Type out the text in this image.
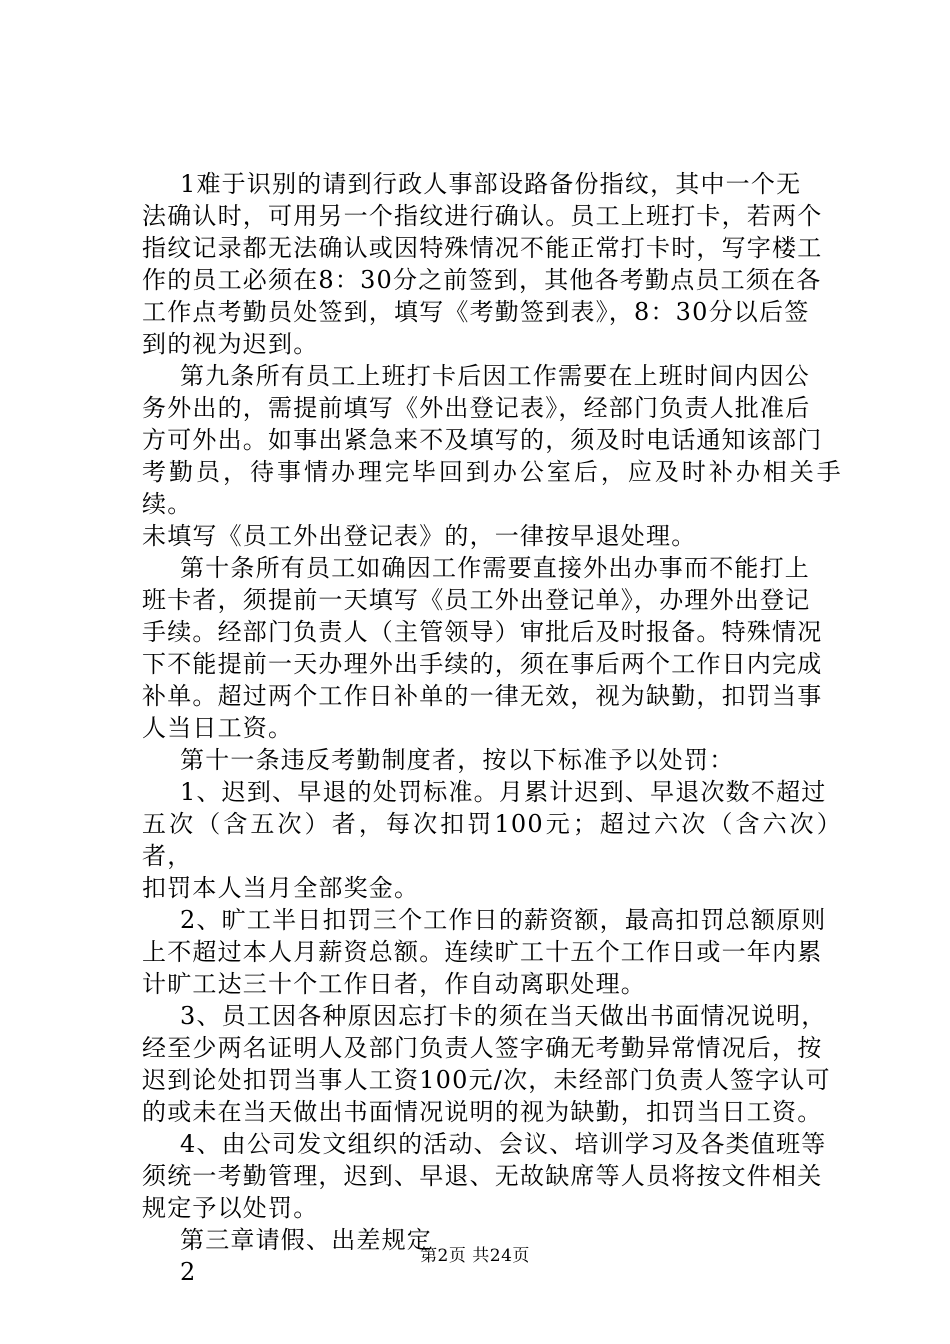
1难于识别的请到行政人事部设路备份指纹，其中一个无
法确认时，可用另一个指纹进行确认。员工上班打卡，若两个
指纹记录都无法确认或因特殊情况不能正常打卡时，写字楼工
作的员工必须在8：30分之前签到，其他各考勤点员工须在各
工作点考勤员处签到，填写《考勤签到表》，8：30分以后签
到的视为迟到。

第九条所有员工上班打卡后因工作需要在上班时间内因公
务外出的，需提前填写《外出登记表》，经部门负责人批准后
方可外出。如事出紧急来不及填写的，须及时电话通知该部门
考勤员，待事情办理完毕回到办公室后，应及时补办相关手续。
未填写《员工外出登记表》的，一律按早退处理。

第十条所有员工如确因工作需要直接外出办事而不能打上
班卡者，须提前一天填写《员工外出登记单》，办理外出登记
手续。经部门负责人（主管领导）审批后及时报备。特殊情况
下不能提前一天办理外出手续的，须在事后两个工作日内完成
补单。超过两个工作日补单的一律无效，视为缺勤，扣罚当事
人当日工资。

第十一条违反考勤制度者，按以下标准予以处罚：

1、迟到、早退的处罚标准。月累计迟到、早退次数不超过
五次（含五次）者，每次扣罚100元；超过六次（含六次）者，
扣罚本人当月全部奖金。

2、旷工半日扣罚三个工作日的薪资额，最高扣罚总额原则
上不超过本人月薪资总额。连续旷工十五个工作日或一年内累
计旷工达三十个工作日者，作自动离职处理。

3、员工因各种原因忘打卡的须在当天做出书面情况说明，
经至少两名证明人及部门负责人签字确无考勤异常情况后，按
迟到论处扣罚当事人工资100元/次，未经部门负责人签字认可
的或未在当天做出书面情况说明的视为缺勤，扣罚当日工资。

4、由公司发文组织的活动、会议、培训学习及各类值班等
须统一考勤管理，迟到、早退、无故缺席等人员将按文件相关
规定予以处罚。

第三章请假、出差规定

2

第2页 共24页
